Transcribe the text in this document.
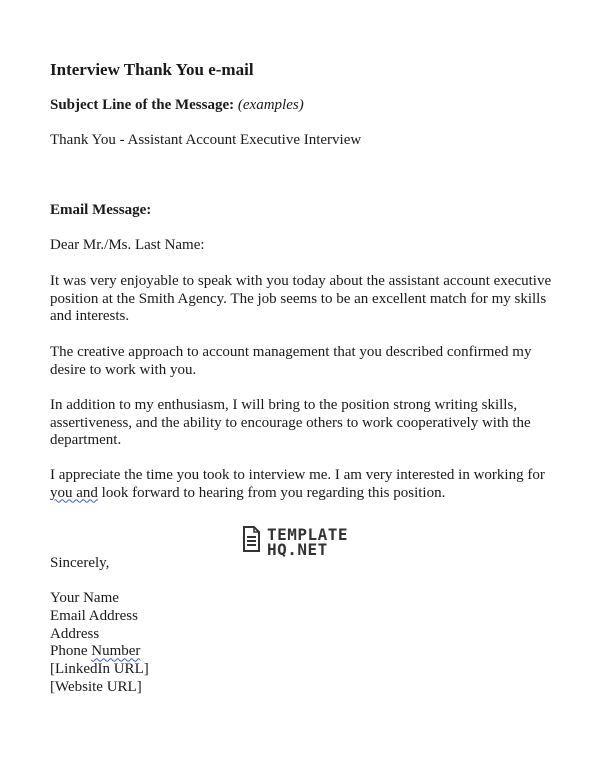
Interview Thank You e-mail
Subject Line of the Message: (examples)
Thank You - Assistant Account Executive Interview
Email Message:
Dear Mr./Ms. Last Name:

It was very enjoyable to speak with you today about the assistant account executive position at the Smith Agency. The job seems to be an excellent match for my skills and interests.

The creative approach to account management that you described confirmed my desire to work with you.

In addition to my enthusiasm, I will bring to the position strong writing skills, assertiveness, and the ability to encourage others to work cooperatively with the department.

I appreciate the time you took to interview me. I am very interested in working for you and look forward to hearing from you regarding this position.

Sincerely,
Your Name
Email Address
Address
Phone Number
[LinkedIn URL]
[Website URL]
TEMPLATE
HQ.NET
